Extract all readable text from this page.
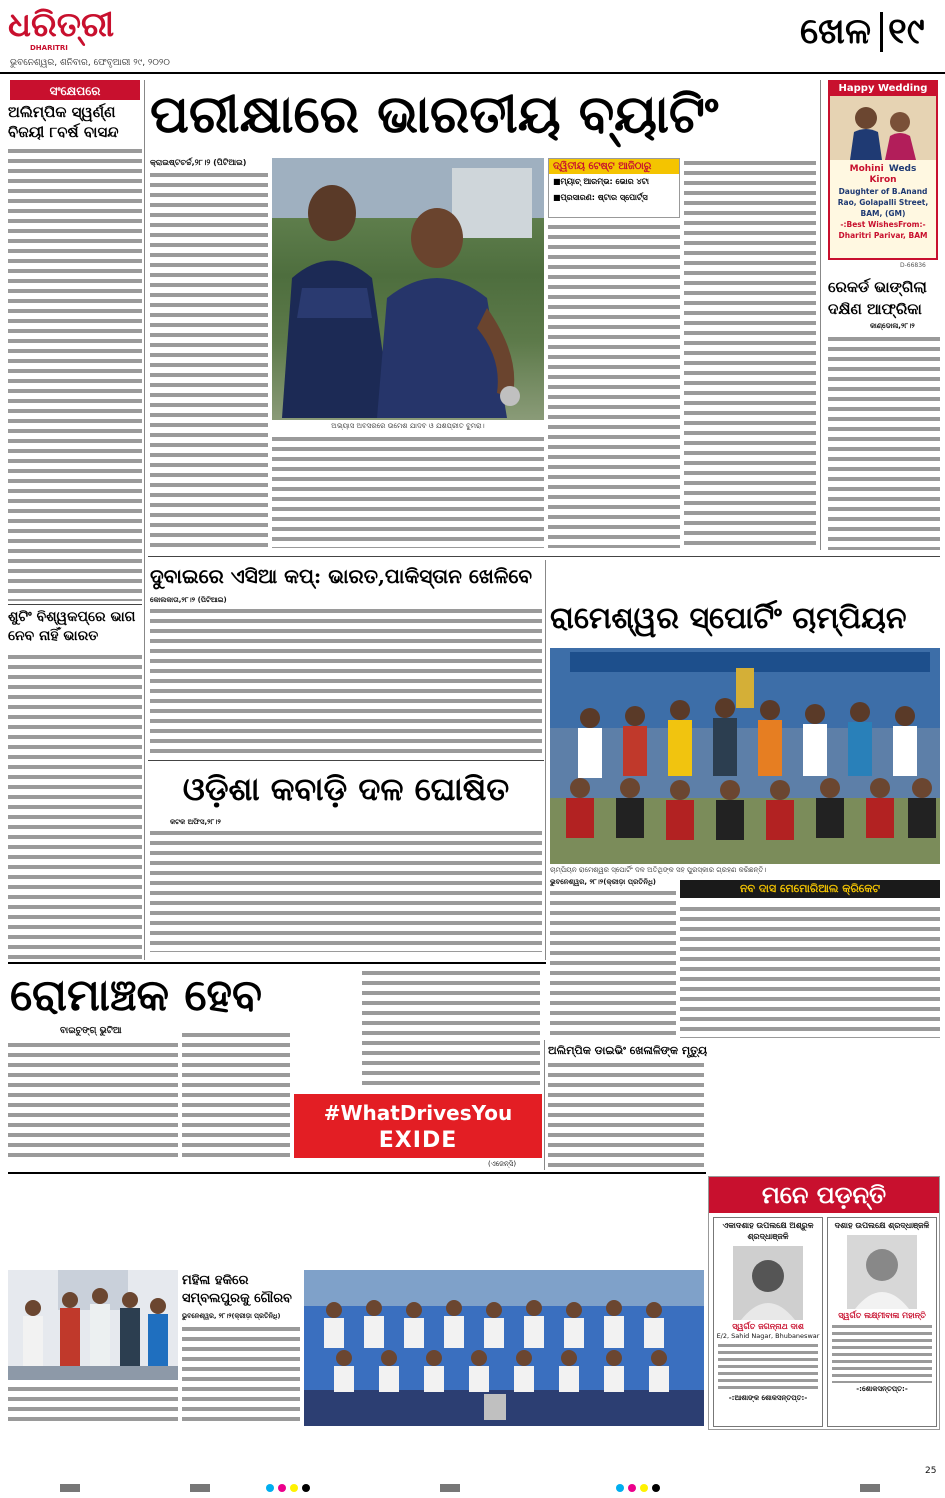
ଧରିତ୍ରୀ
DHARITRI
ଭୁବନେଶ୍ୱର, ଶନିବାର, ଫେବୃଆରୀ ୨୯, ୨୦୨୦
ଖେଳ ୧୯
ସଂକ୍ଷେପରେ
ଅଲିମ୍ପିକ ସ୍ୱର୍ଣ୍ଣ ବିଜୟୀ ୮ବର୍ଷ ବାସନ୍ଦ
ଶୁଟିଂ ବିଶ୍ୱକପ୍‌ରେ ଭାଗ ନେବ ନାହିଁ ଭାରତ
ପରୀକ୍ଷାରେ ଭାରତୀୟ ବ୍ୟାଟିଂ
କ୍ରାଇଷ୍ଟଚର୍ଚ୍ଚ,୨୮।୨ (ପିଟିଆଇ)
ଅଭ୍ୟାସ ଅବସରରେ ଉମେଶ ଯାଦବ ଓ ଯଶପ୍ରୀତ ବୁମରା।
ଦ୍ୱିତୀୟ ଟେଷ୍ଟ ଆଜିଠାରୁ
■ମ୍ୟାଚ୍ ଆରମ୍ଭ: ଭୋର ୪ଟା
■ପ୍ରସାରଣ: ଷ୍ଟାର ସ୍ପୋର୍ଟ୍ସ
Happy Wedding
Mohini Weds
Kiron
Daughter of B.Anand
Rao, Golapalli Street,
BAM, (GM)
-:Best WishesFrom:-
Dharitri Parivar, BAM
D-66836
ରେକର୍ଡ ଭାଙ୍ଗିଲା ଦକ୍ଷିଣ ଆଫ୍ରିକା
କାଣ୍ଡୋଳା,୨୮।୨
ଦୁବାଇରେ ଏସିଆ କପ୍: ଭାରତ,ପାକିସ୍ତାନ ଖେଳିବେ
କୋଲକାତା,୨୮।୨ (ପିଟିଆଇ)
ଓଡ଼ିଶା କବାଡ଼ି ଦଳ ଘୋଷିତ
କଟକ ଅଫିସ,୨୮।୨
ରାମେଶ୍ୱର ସ୍ପୋର୍ଟିଂ ଚାମ୍ପିୟନ
ଚାମ୍ପିୟନ ରାମେଶ୍ୱର ସ୍ପୋର୍ଟିଂ ଦଳ ଅତିଥିଙ୍କ ସହ ପୁରସ୍କାର ଗ୍ରହଣ କରିଛନ୍ତି।
ଭୁବନେଶ୍ୱର, ୨୮।୨(କ୍ରୀଡ଼ା ପ୍ରତିନିଧି)	ନବ ଦାସ ମେମୋରିଆଲ କ୍ରିକେଟ
ରୋମାଞ୍ଚକ ହେବ
ବାଇଚୁଙ୍ଗ୍ ଭୁଟିଆ
#WhatDrivesYou
EXIDE
(ଏଜେନ୍ସି)
ଅଲିମ୍ପିକ ଡାଇଭିଂ ଖେଳାଳିଙ୍କ ମୃତ୍ୟୁ
ମହିଳା ହକିରେ ସମ୍ବଲପୁରକୁ ଗୌରବ
ଭୁବନେଶ୍ୱର, ୨୮।୨(କ୍ରୀଡ଼ା ପ୍ରତିନିଧି)
ମନେ ପଡ଼ନ୍ତି
ଏକାଦଶାହ ଉପଲକ୍ଷେ ଅଶ୍ରୁଳ ଶ୍ରଦ୍ଧାଞ୍ଜଳି
ସ୍ୱର୍ଗତ ଜଗନ୍ନାଥ ଦାଶ
E/2, Sahid Nagar, Bhubaneswar
-:ଆଶାଙ୍କ ଶୋକସନ୍ତପ୍ତ:-
ଦଶାହ ଉପଲକ୍ଷେ ଶ୍ରଦ୍ଧାଞ୍ଜଳି
ସ୍ୱର୍ଗତ ଲକ୍ଷ୍ମୀବାଳା ମହାନ୍ତି
-:ଶୋକସନ୍ତପ୍ତ:-
25
